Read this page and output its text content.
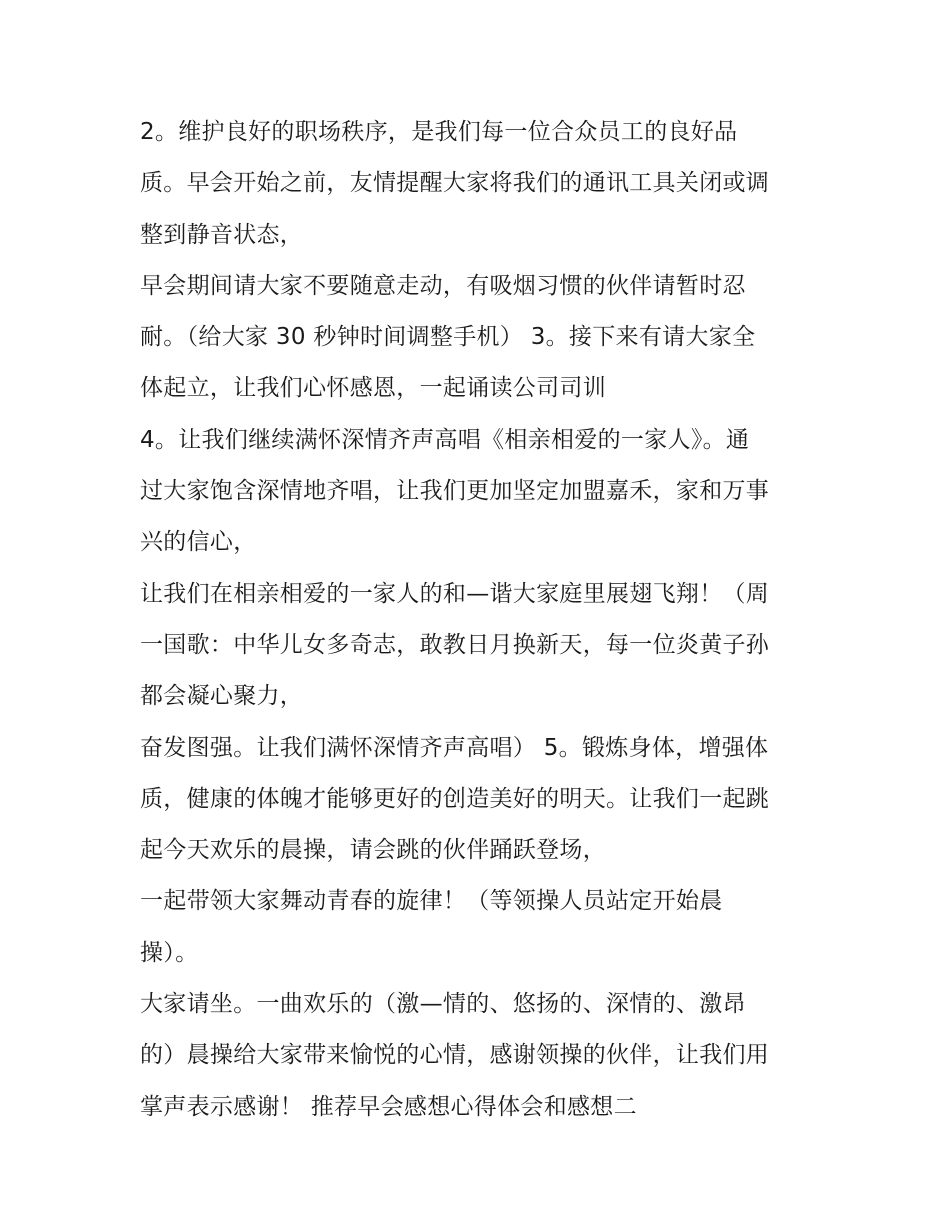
2。维护良好的职场秩序，是我们每一位合众员工的良好品
质。早会开始之前，友情提醒大家将我们的通讯工具关闭或调
整到静音状态，
早会期间请大家不要随意走动，有吸烟习惯的伙伴请暂时忍
耐。（给大家 30 秒钟时间调整手机） 3。接下来有请大家全
体起立，让我们心怀感恩，一起诵读公司司训
4。让我们继续满怀深情齐声高唱《相亲相爱的一家人》。通
过大家饱含深情地齐唱，让我们更加坚定加盟嘉禾，家和万事
兴的信心，
让我们在相亲相爱的一家人的和—谐大家庭里展翅飞翔！（周
一国歌：中华儿女多奇志，敢教日月换新天，每一位炎黄子孙
都会凝心聚力，
奋发图强。让我们满怀深情齐声高唱） 5。锻炼身体，增强体
质，健康的体魄才能够更好的创造美好的明天。让我们一起跳
起今天欢乐的晨操，请会跳的伙伴踊跃登场，
一起带领大家舞动青春的旋律！（等领操人员站定开始晨
操）。
大家请坐。一曲欢乐的（激—情的、悠扬的、深情的、激昂
的）晨操给大家带来愉悦的心情，感谢领操的伙伴，让我们用
掌声表示感谢！ 推荐早会感想心得体会和感想二
